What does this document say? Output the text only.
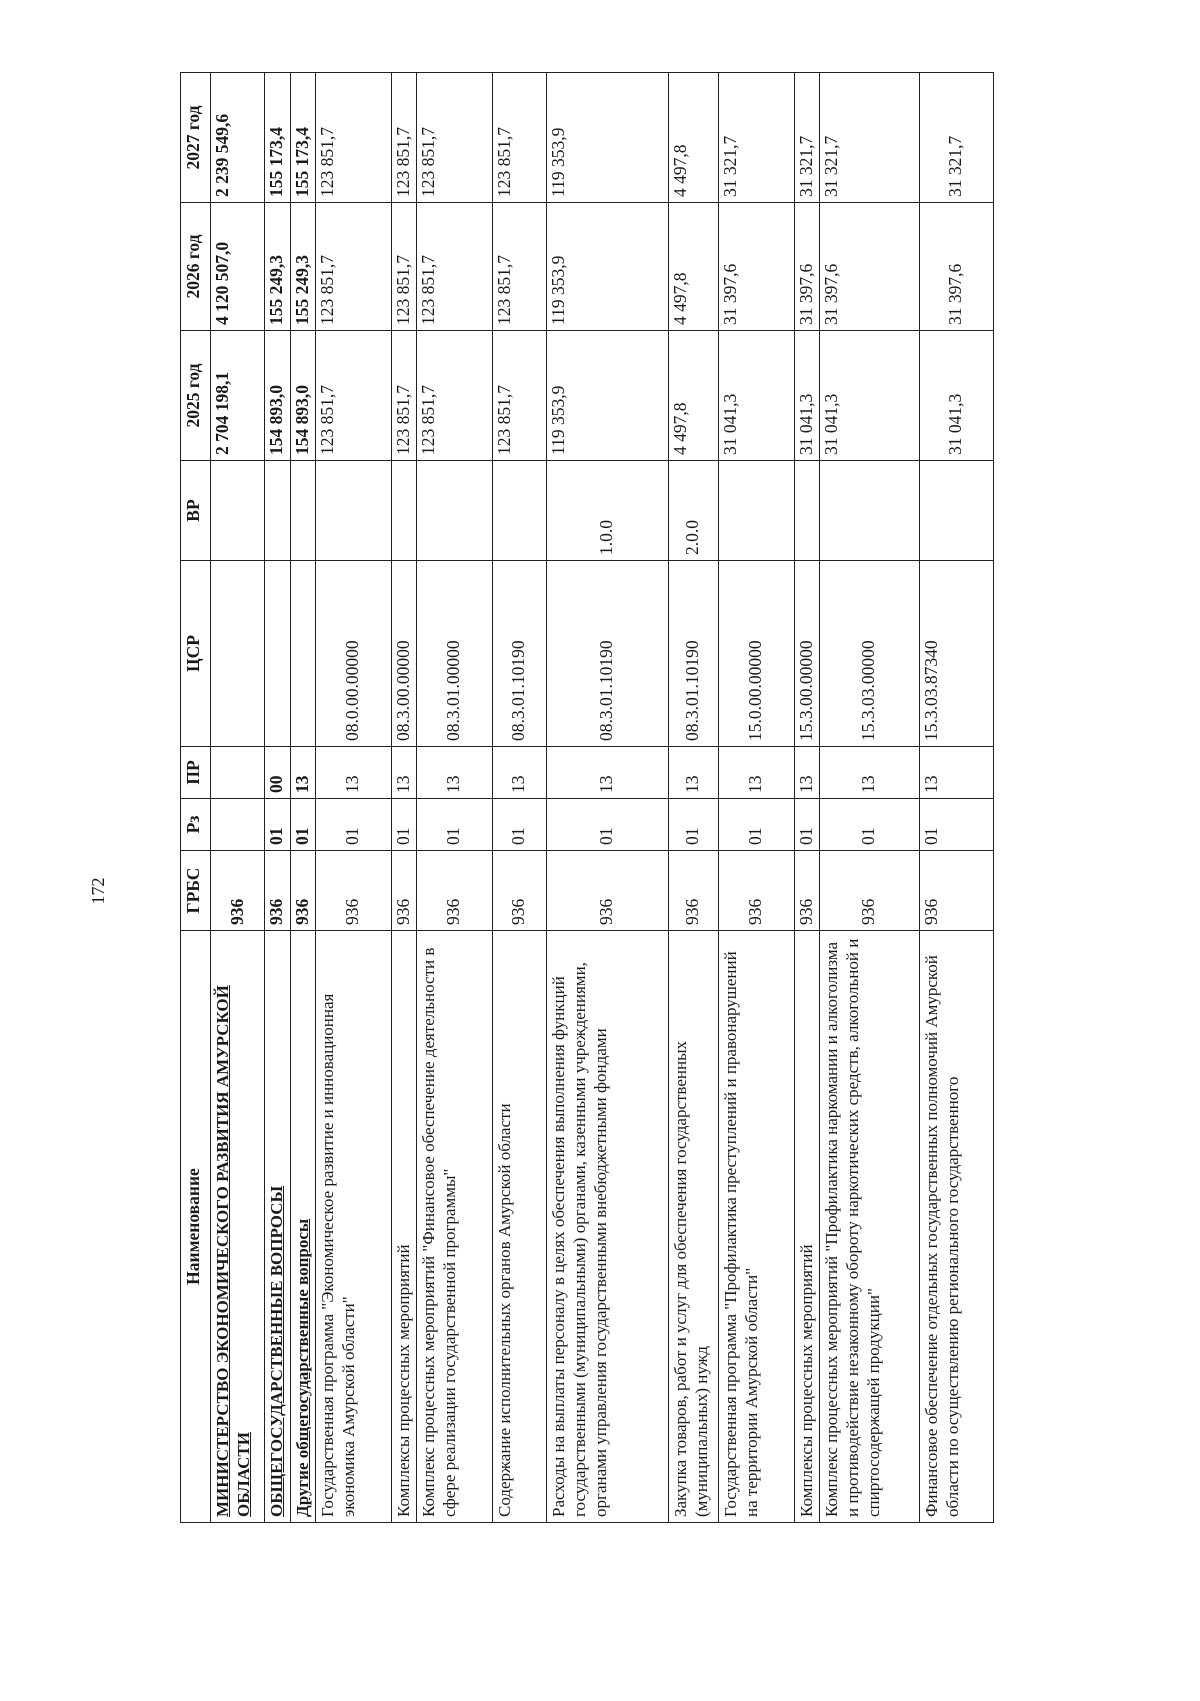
172
Наименование	ГРБС	Рз	ПР	ЦСР	ВР	2025 год	2026 год	2027 год
МИНИСТЕРСТВО ЭКОНОМИЧЕСКОГО РАЗВИТИЯ АМУРСКОЙ ОБЛАСТИ	936					2 704 198,1	4 120 507,0	2 239 549,6
ОБЩЕГОСУДАРСТВЕННЫЕ ВОПРОСЫ	936	01	00			154 893,0	155 249,3	155 173,4
Другие общегосударственные вопросы	936	01	13			154 893,0	155 249,3	155 173,4
Государственная программа "Экономическое развитие и инновационная экономика Амурской области"	936	01	13	08.0.00.00000		123 851,7	123 851,7	123 851,7
Комплексы процессных мероприятий	936	01	13	08.3.00.00000		123 851,7	123 851,7	123 851,7
Комплекс процессных мероприятий "Финансовое обеспечение деятельности в сфере реализации государственной программы"	936	01	13	08.3.01.00000		123 851,7	123 851,7	123 851,7
Содержание исполнительных органов Амурской области	936	01	13	08.3.01.10190		123 851,7	123 851,7	123 851,7
Расходы на выплаты персоналу в целях обеспечения выполнения функций государственными (муниципальными) органами, казенными учреждениями, органами управления государственными внебюджетными фондами	936	01	13	08.3.01.10190	1.0.0	119 353,9	119 353,9	119 353,9
Закупка товаров, работ и услуг для обеспечения государственных (муниципальных) нужд	936	01	13	08.3.01.10190	2.0.0	4 497,8	4 497,8	4 497,8
Государственная программа "Профилактика преступлений и правонарушений на территории Амурской области"	936	01	13	15.0.00.00000		31 041,3	31 397,6	31 321,7
Комплексы процессных мероприятий	936	01	13	15.3.00.00000		31 041,3	31 397,6	31 321,7
Комплекс процессных мероприятий "Профилактика наркомании и алкоголизма и противодействие незаконному обороту наркотических средств, алкогольной и спиртосодержащей продукции"	936	01	13	15.3.03.00000		31 041,3	31 397,6	31 321,7
Финансовое обеспечение отдельных государственных полномочий Амурской области по осуществлению регионального государственного	936	01	13	15.3.03.87340		31 041,3	31 397,6	31 321,7
